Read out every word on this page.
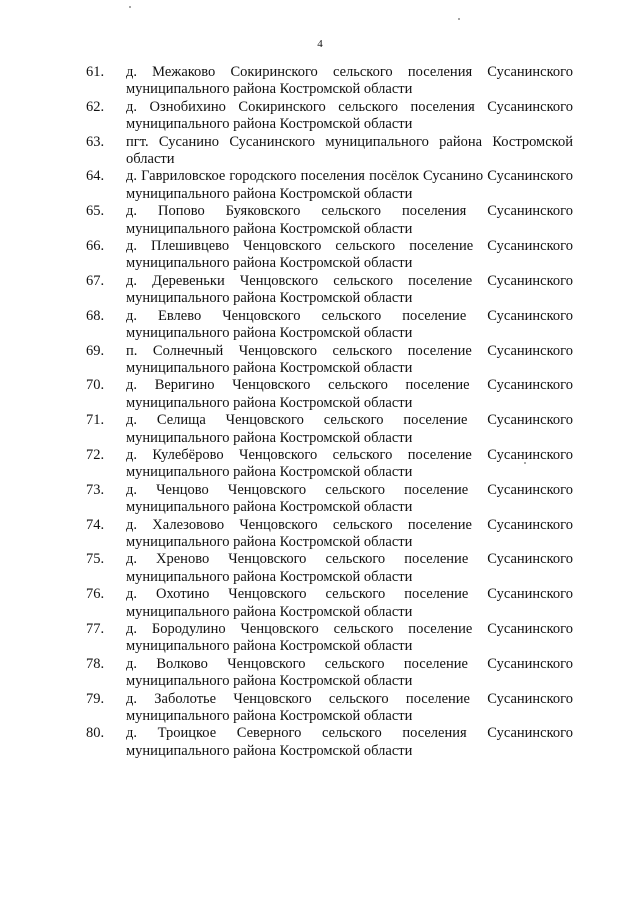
4
61.	д. Межаково Сокиринского сельского поселения Сусанинского муниципального района Костромской области
62.	д. Ознобихино Сокиринского сельского поселения Сусанинского муниципального района Костромской области
63.	пгт. Сусанино Сусанинского муниципального района Костромской области
64.	д. Гавриловское городского поселения посёлок Сусанино Сусанинского муниципального района Костромской области
65.	д. Попово Буяковского сельского поселения Сусанинского муниципального района Костромской области
66.	д. Плешивцево Ченцовского сельского поселение Сусанинского муниципального района Костромской области
67.	д. Деревеньки Ченцовского сельского поселение Сусанинского муниципального района Костромской области
68.	д. Евлево Ченцовского сельского поселение Сусанинского муниципального района Костромской области
69.	п. Солнечный Ченцовского сельского поселение Сусанинского муниципального района Костромской области
70.	д. Веригино Ченцовского сельского поселение Сусанинского муниципального района Костромской области
71.	д. Селища Ченцовского сельского поселение Сусанинского муниципального района Костромской области
72.	д. Кулебёрово Ченцовского сельского поселение Сусанинского муниципального района Костромской области
73.	д. Ченцово Ченцовского сельского поселение Сусанинского муниципального района Костромской области
74.	д. Халезовово Ченцовского сельского поселение Сусанинского муниципального района Костромской области
75.	д. Хреново Ченцовского сельского поселение Сусанинского муниципального района Костромской области
76.	д. Охотино Ченцовского сельского поселение Сусанинского муниципального района Костромской области
77.	д. Бородулино Ченцовского сельского поселение Сусанинского муниципального района Костромской области
78.	д. Волково Ченцовского сельского поселение Сусанинского муниципального района Костромской области
79.	д. Заболотье Ченцовского сельского поселение Сусанинского муниципального района Костромской области
80.	д. Троицкое Северного сельского поселения Сусанинского муниципального района Костромской области
